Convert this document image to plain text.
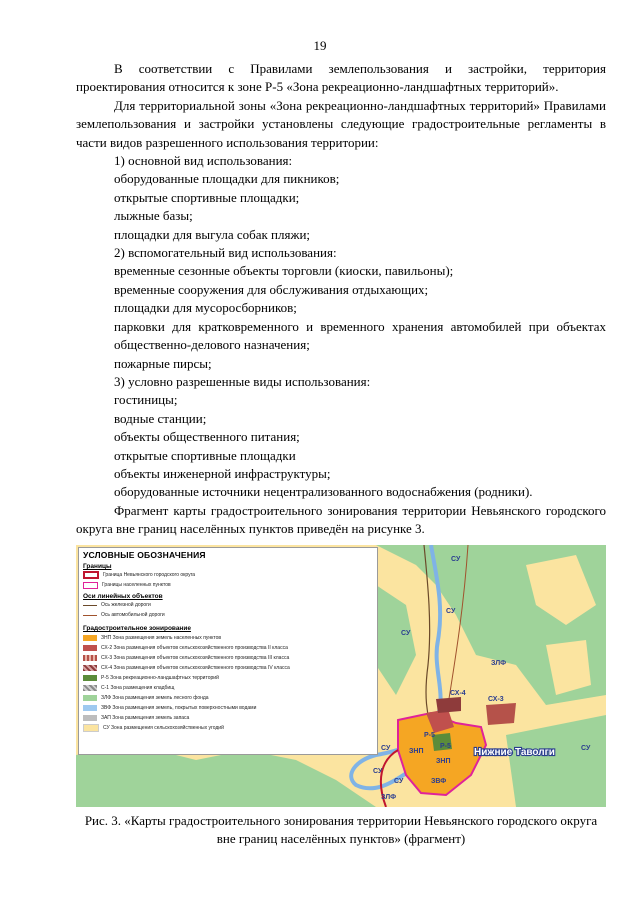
19

В соответствии с Правилами землепользования и застройки, территория проектирования относится к зоне Р-5 «Зона рекреационно-ландшафтных территорий».

Для территориальной зоны «Зона рекреационно-ландшафтных территорий» Правилами землепользования и застройки установлены следующие градостроительные регламенты в части видов разрешенного использования территории:

1) основной вид использования:

оборудованные площадки для пикников;

открытые спортивные площадки;

лыжные базы;

площадки для выгула собак пляжи;

2) вспомогательный вид использования:

временные сезонные объекты торговли (киоски, павильоны);

временные сооружения для обслуживания отдыхающих;

площадки для мусоросборников;

парковки для кратковременного и временного хранения автомобилей при объектах общественно-делового назначения;

пожарные пирсы;

3) условно разрешенные виды использования:

гостиницы;

водные станции;

объекты общественного питания;

открытые спортивные площадки

объекты инженерной инфраструктуры;

оборудованные источники нецентрализованного водоснабжения (родники).

Фрагмент карты градостроительного зонирования территории Невьянского городского округа вне границ населённых пунктов приведён на рисунке 3.

СУ
СУ
СУ
СУ
СУ
СУ
СУ
ЗЛФ
ЗЛФ
СХ-4
СХ-3
ЗНП
ЗНП
Р-5
Р-5
ЗВФ
Нижние Таволги
УСЛОВНЫЕ ОБОЗНАЧЕНИЯ
Границы
Граница Невьянского городского округа
Границы населенных пунктов
Оси линейных объектов
Ось железной дороги
Ось автомобильной дороги
Градостроительное зонирование
ЗНП Зона размещения земель населенных пунктов
СХ-2 Зона размещения объектов сельскохозяйственного производства II класса
СХ-3 Зона размещения объектов сельскохозяйственного производства III класса
СХ-4 Зона размещения объектов сельскохозяйственного производства IV класса
Р-5 Зона рекреационно-ландшафтных территорий
С-1 Зона размещения кладбищ
ЗЛФ Зона размещения земель лесного фонда
ЗВФ Зона размещения земель, покрытых поверхностными водами
ЗАП Зона размещения земель запаса
СУ Зона размещения сельскохозяйственных угодий
Рис. 3. «Карты градостроительного зонирования территории Невьянского городского округа вне границ населённых пунктов» (фрагмент)
